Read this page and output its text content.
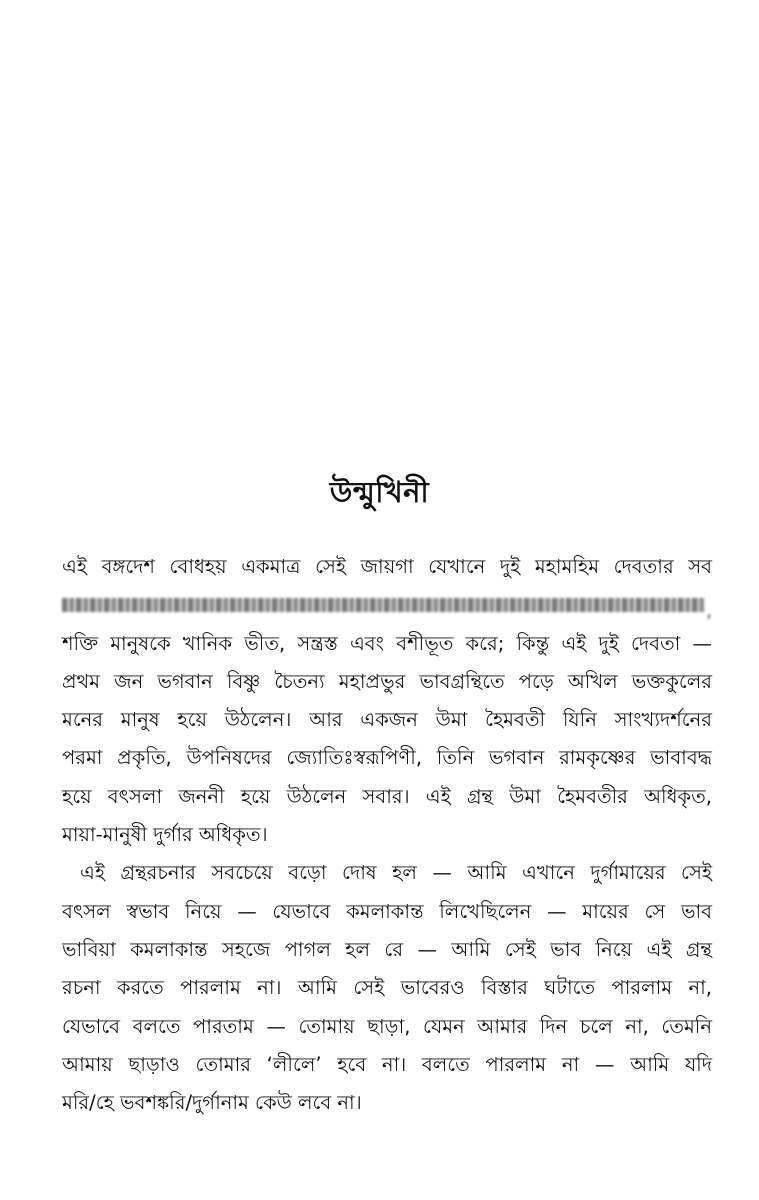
উন্মুখিনী

এই বঙ্গদেশ বোধহয় একমাত্র সেই জায়গা যেখানে দুই মহামহিম দেবতার সব
,
শক্তি মানুষকে খানিক ভীত, সন্ত্রস্ত এবং বশীভূত করে; কিন্তু এই দুই দেবতা —
প্রথম জন ভগবান বিষ্ণু চৈতন্য মহাপ্রভুর ভাবগ্রন্থিতে পড়ে অখিল ভক্তকুলের
মনের মানুষ হয়ে উঠলেন। আর একজন উমা হৈমবতী যিনি সাংখ্যদর্শনের
পরমা প্রকৃতি, উপনিষদের জ্যোতিঃস্বরূপিণী, তিনি ভগবান রামকৃষ্ণের ভাবাবদ্ধ
হয়ে বৎসলা জননী হয়ে উঠলেন সবার। এই গ্রন্থ উমা হৈমবতীর অধিকৃত,
মায়া-মানুষী দুর্গার অধিকৃত।

এই গ্রন্থরচনার সবচেয়ে বড়ো দোষ হল — আমি এখানে দুর্গামায়ের সেই
বৎসল স্বভাব নিয়ে — যেভাবে কমলাকান্ত লিখেছিলেন — মায়ের সে ভাব
ভাবিয়া কমলাকান্ত সহজে পাগল হল রে — আমি সেই ভাব নিয়ে এই গ্রন্থ
রচনা করতে পারলাম না। আমি সেই ভাবেরও বিস্তার ঘটাতে পারলাম না,
যেভাবে বলতে পারতাম — তোমায় ছাড়া, যেমন আমার দিন চলে না, তেমনি
আমায় ছাড়াও তোমার ‘লীলে’ হবে না। বলতে পারলাম না — আমি যদি
মরি/হে ভবশঙ্করি/দুর্গানাম কেউ লবে না।
